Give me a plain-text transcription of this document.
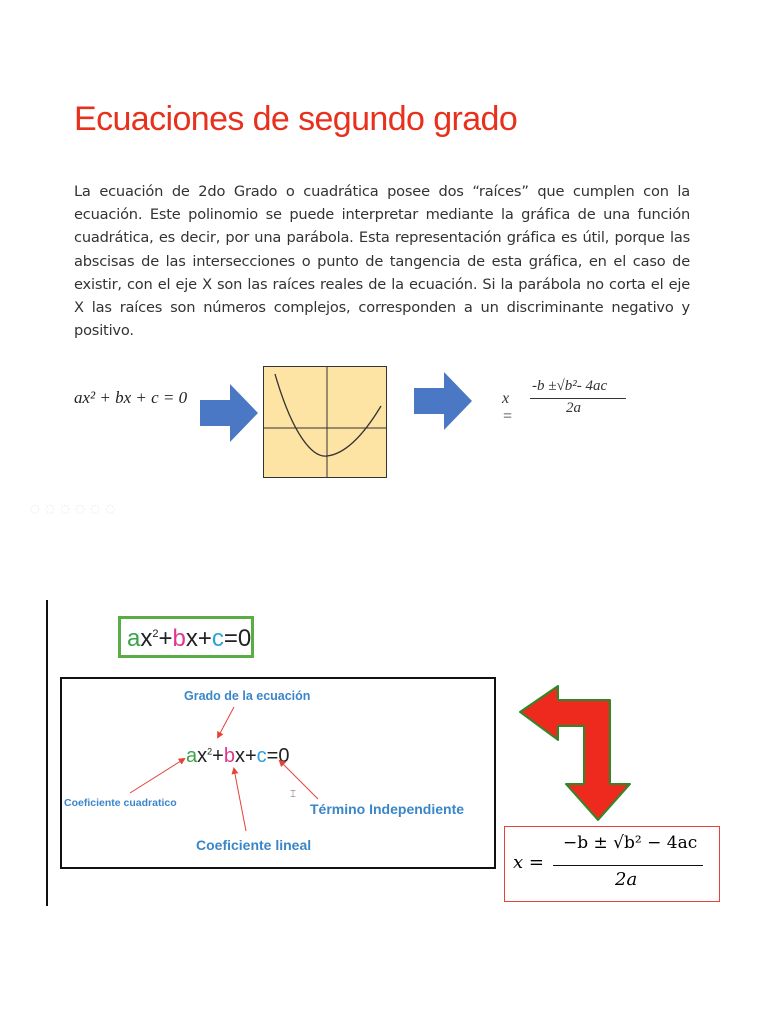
Ecuaciones de segundo grado
La ecuación de 2do Grado o cuadrática posee dos “raíces” que cumplen con la ecuación. Este polinomio se puede interpretar mediante la gráfica de una función cuadrática, es decir, por una parábola. Esta representación gráfica es útil, porque las abscisas de las intersecciones o punto de tangencia de esta gráfica, en el caso de existir, con el eje X son las raíces reales de la ecuación. Si la parábola no corta el eje X las raíces son números complejos, corresponden a un discriminante negativo y positivo.
ax² + bx + c = 0	x =
-b ±√b²- 4ac
2a
◌ ◌ ◌ ◌ ◌ ◌
$ax^2+bx+c=0$
Grado de la ecuación
$ax^2+bx+c=0$
Coeficiente cuadratico
Coeficiente lineal
Término Independiente
⌶
x =
−b ± √b² − 4ac
2a
